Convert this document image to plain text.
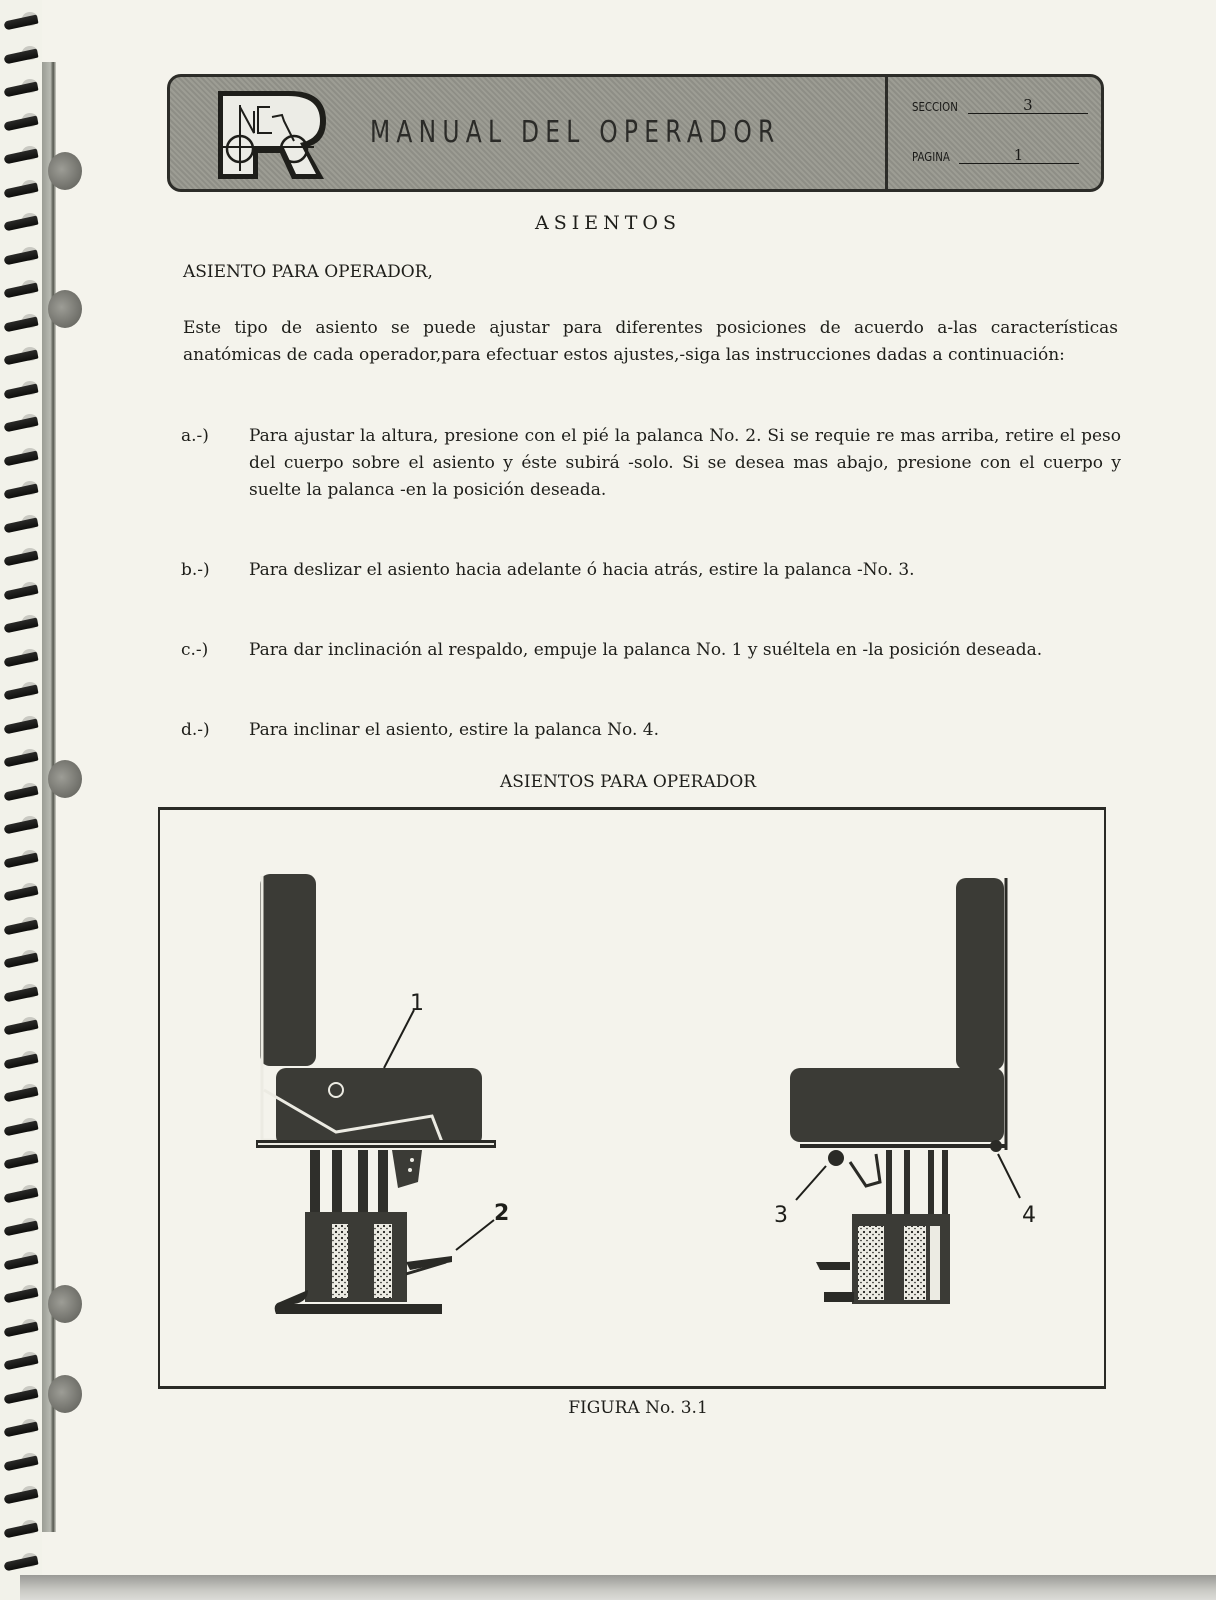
MANUAL DEL OPERADOR
SECCION	3
PAGINA	1
ASIENTOS
ASIENTO PARA OPERADOR,
Este tipo de asiento se puede ajustar para diferentes posiciones de acuerdo a-las características anatómicas de cada operador,para efectuar estos ajustes,-siga las instrucciones dadas a continuación:
a.-) Para ajustar la altura, presione con el pié la palanca No. 2. Si se requie re mas arriba, retire el peso del cuerpo sobre el asiento y éste subirá -solo. Si se desea mas abajo, presione con el cuerpo y suelte la palanca -en la posición deseada.
b.-) Para deslizar el asiento hacia adelante ó hacia atrás, estire la palanca -No. 3.
c.-) Para dar inclinación al respaldo, empuje la palanca No. 1 y suéltela en -la posición deseada.
d.-) Para inclinar el asiento, estire la palanca No. 4.
ASIENTOS PARA OPERADOR
1
2	3	4
FIGURA No. 3.1
